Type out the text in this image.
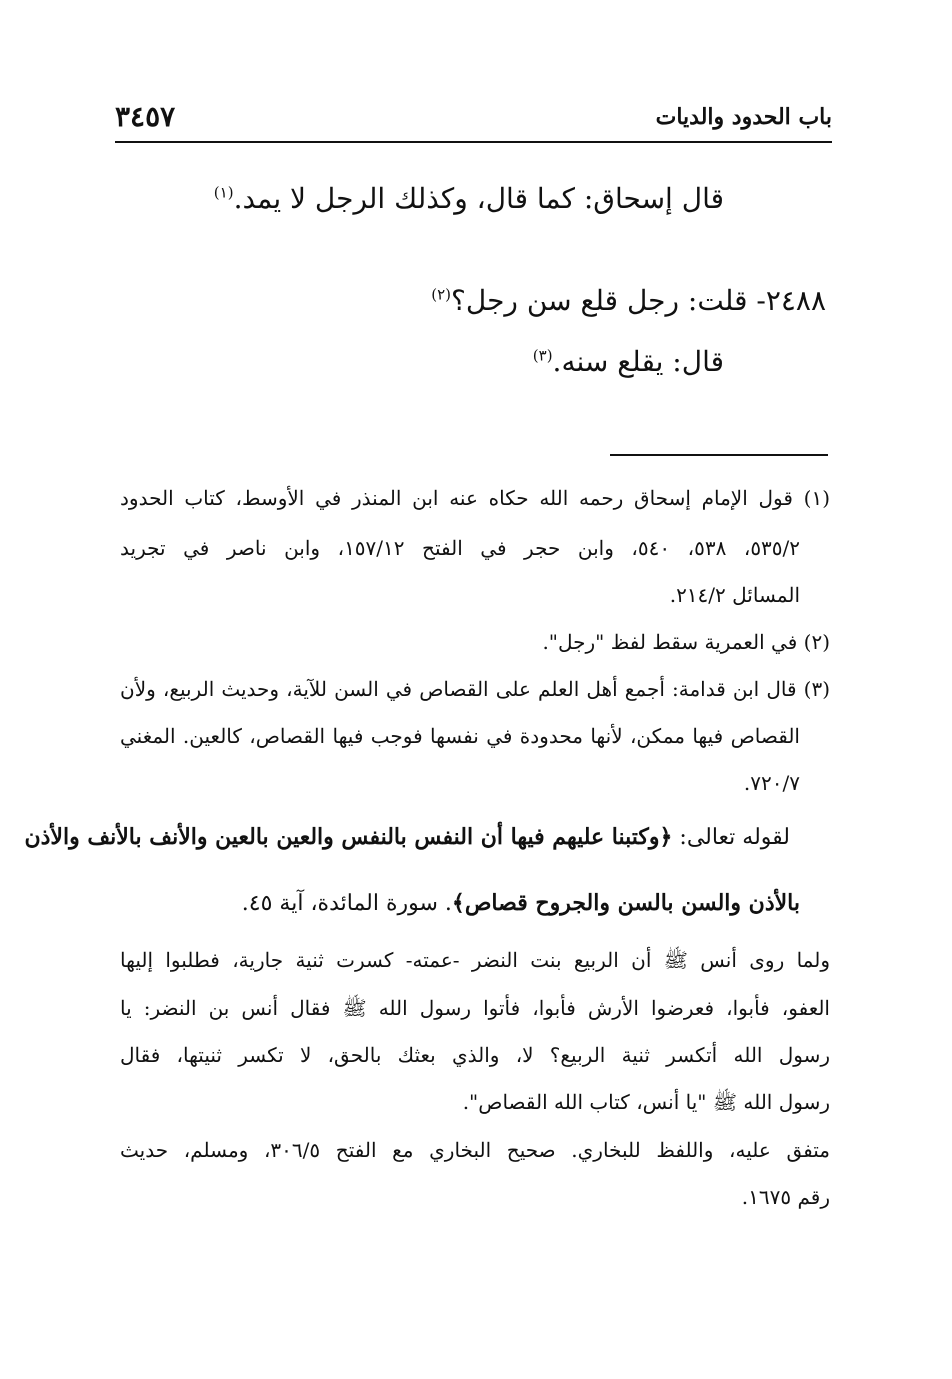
باب الحدود والديات
٣٤٥٧
قال إسحاق: كما قال، وكذلك الرجل لا يمد.$^{(١)}$
٢٤٨٨- قلت: رجل قلع سن رجل؟$^{(٢)}$
قال: يقلع سنه.$^{(٣)}$
(١) قول الإمام إسحاق رحمه الله حكاه عنه ابن المنذر في الأوسط، كتاب الحدود
٥٣٥/٢، ٥٣٨، ٥٤٠، وابن حجر في الفتح ١٥٧/١٢، وابن ناصر في تجريد
المسائل ٢١٤/٢.
(٢) في العمرية سقط لفظ "رجل".
(٣) قال ابن قدامة: أجمع أهل العلم على القصاص في السن للآية، وحديث الربيع، ولأن
القصاص فيها ممكن، لأنها محدودة في نفسها فوجب فيها القصاص، كالعين. المغني
٧٢٠/٧.
لقوله تعالى: ﴿وكتبنا عليهم فيها أن النفس بالنفس والعين بالعين والأنف بالأنف والأذن
بالأذن والسن بالسن والجروح قصاص﴾. سورة المائدة، آية ٤٥.
ولما روى أنس ﷺ أن الربيع بنت النضر -عمته- كسرت ثنية جارية، فطلبوا إليها
العفو، فأبوا، فعرضوا الأرش فأبوا، فأتوا رسول الله ﷺ فقال أنس بن النضر: يا
رسول الله أتكسر ثنية الربيع؟ لا، والذي بعثك بالحق، لا تكسر ثنيتها، فقال
رسول الله ﷺ "يا أنس، كتاب الله القصاص".
متفق عليه، واللفظ للبخاري. صحيح البخاري مع الفتح ٣٠٦/٥، ومسلم، حديث
رقم ١٦٧٥.
